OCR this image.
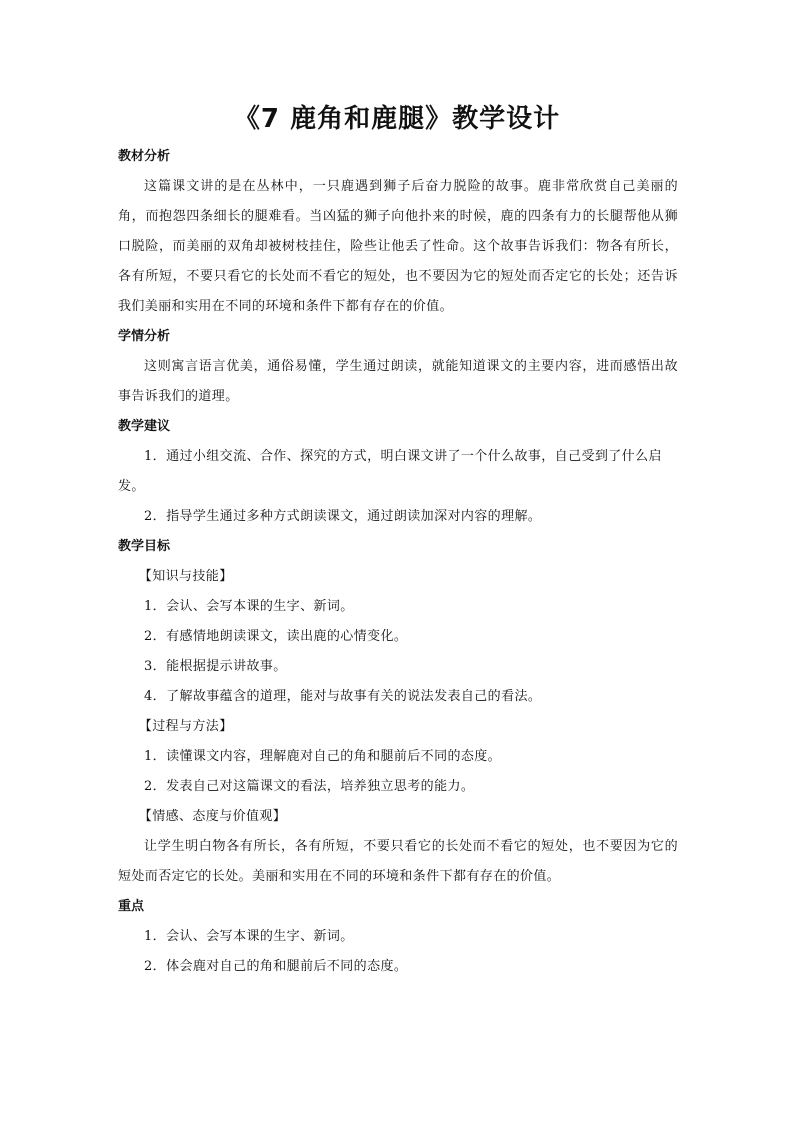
《7 鹿角和鹿腿》教学设计
教材分析
这篇课文讲的是在丛林中，一只鹿遇到狮子后奋力脱险的故事。鹿非常欣赏自己美丽的角，而抱怨四条细长的腿难看。当凶猛的狮子向他扑来的时候，鹿的四条有力的长腿帮他从狮口脱险，而美丽的双角却被树枝挂住，险些让他丢了性命。这个故事告诉我们：物各有所长，各有所短，不要只看它的长处而不看它的短处，也不要因为它的短处而否定它的长处；还告诉我们美丽和实用在不同的环境和条件下都有存在的价值。
学情分析
这则寓言语言优美，通俗易懂，学生通过朗读，就能知道课文的主要内容，进而感悟出故事告诉我们的道理。
教学建议
1．通过小组交流、合作、探究的方式，明白课文讲了一个什么故事，自己受到了什么启发。
2．指导学生通过多种方式朗读课文，通过朗读加深对内容的理解。
教学目标
【知识与技能】
1．会认、会写本课的生字、新词。
2．有感情地朗读课文，读出鹿的心情变化。
3．能根据提示讲故事。
4．了解故事蕴含的道理，能对与故事有关的说法发表自己的看法。
【过程与方法】
1．读懂课文内容，理解鹿对自己的角和腿前后不同的态度。
2．发表自己对这篇课文的看法，培养独立思考的能力。
【情感、态度与价值观】
让学生明白物各有所长，各有所短，不要只看它的长处而不看它的短处，也不要因为它的短处而否定它的长处。美丽和实用在不同的环境和条件下都有存在的价值。
重点
1．会认、会写本课的生字、新词。
2．体会鹿对自己的角和腿前后不同的态度。
